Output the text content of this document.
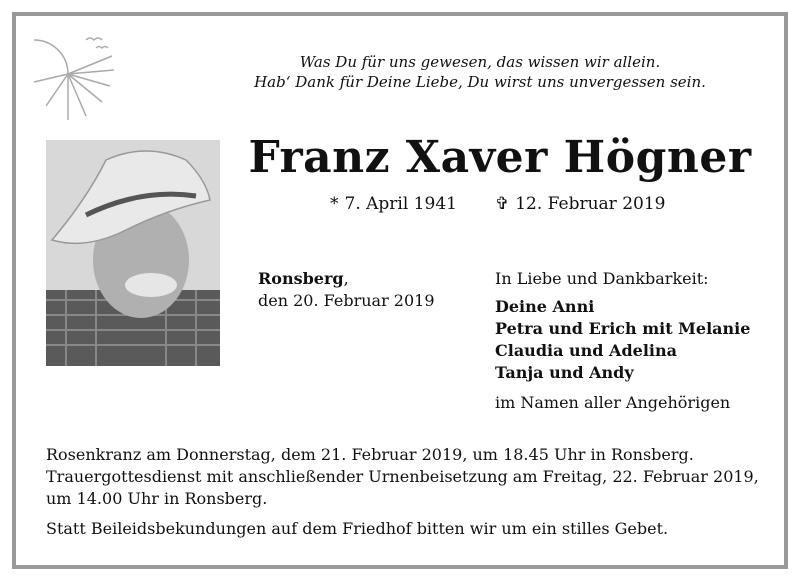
Was Du für uns gewesen, das wissen wir allein.
Hab‘ Dank für Deine Liebe, Du wirst uns unvergessen sein.
Franz Xaver Högner
* 7. April 1941 ✞ 12. Februar 2019
Ronsberg,
den 20. Februar 2019
In Liebe und Dankbarkeit:
Deine Anni
Petra und Erich mit Melanie
Claudia und Adelina
Tanja und Andy
im Namen aller Angehörigen
Rosenkranz am Donnerstag, dem 21. Februar 2019, um 18.45 Uhr in Ronsberg.
Trauergottesdienst mit anschließender Urnenbeisetzung am Freitag, 22. Februar 2019,
um 14.00 Uhr in Ronsberg.
Statt Beileidsbekundungen auf dem Friedhof bitten wir um ein stilles Gebet.
